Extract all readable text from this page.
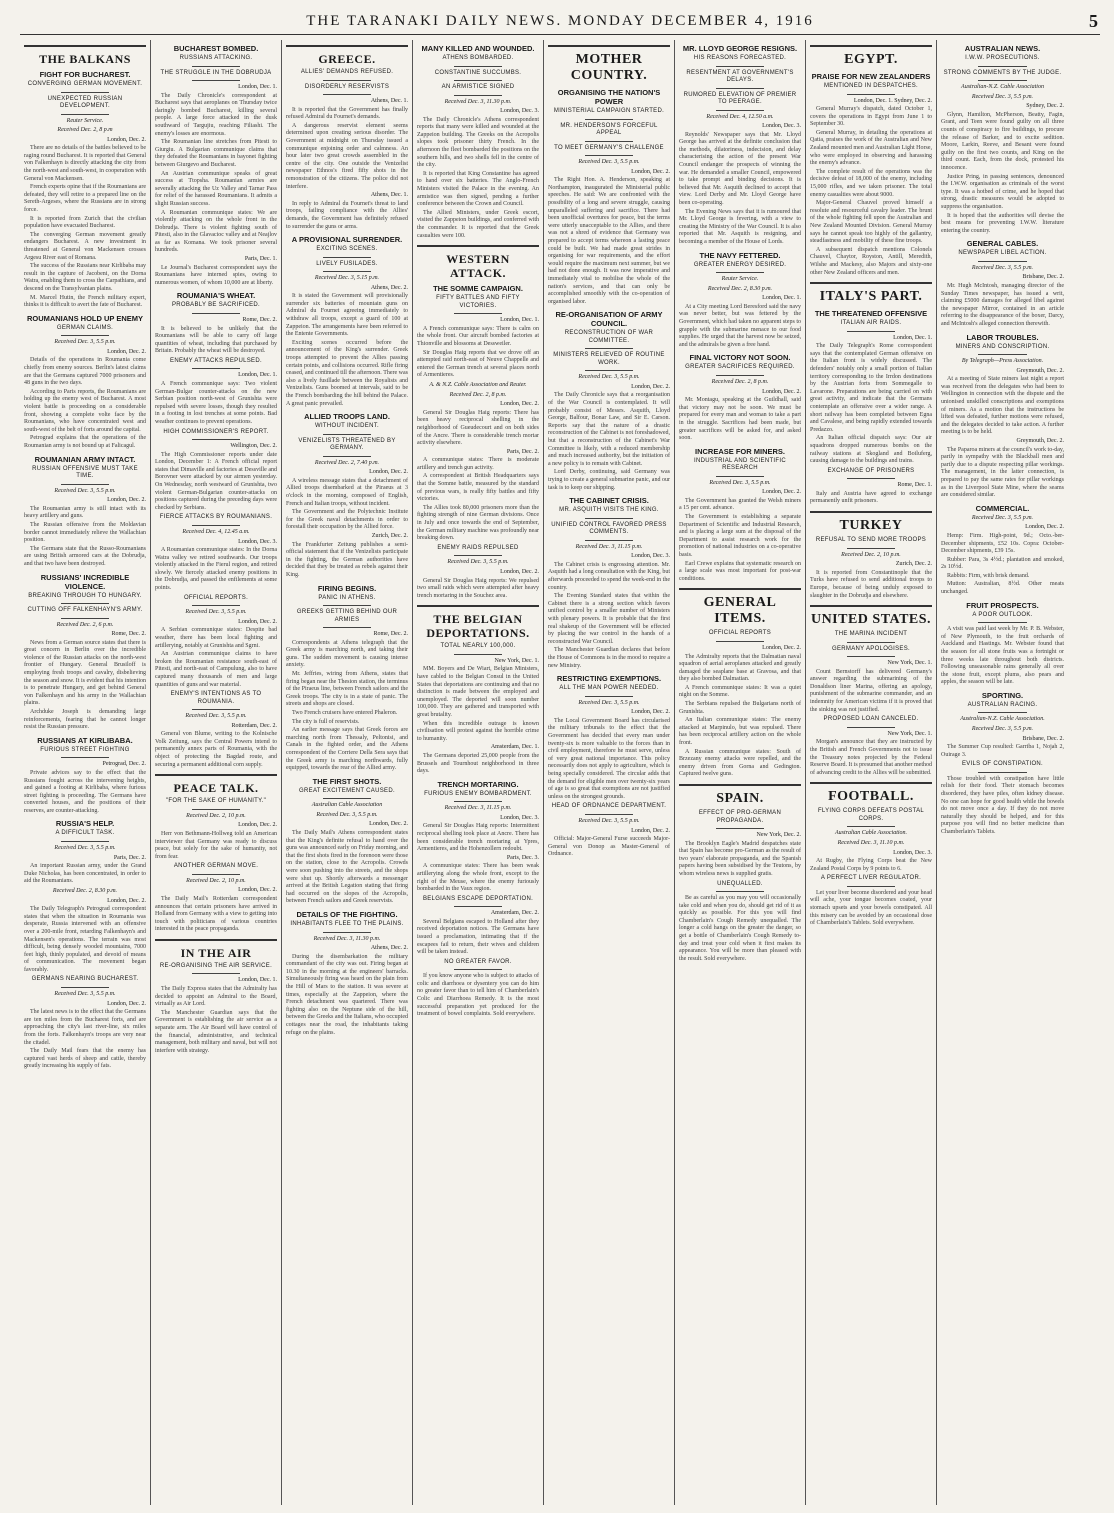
THE TARANAKI DAILY NEWS. MONDAY DECEMBER 4, 1916	5
THE BALKANS
FIGHT FOR BUCHAREST.
CONVERGING GERMAN MOVEMENT.
UNEXPECTED RUSSIAN DEVELOPMENT.
Reuter Service.
Received Dec. 2, 8 p.m
London, Dec. 2.

There are no details of the battles believed to be raging round Bucharest. It is reported that General von Falkenhayn is directly attacking the city from the north-west and south-west, in cooperation with General von Mackensen.

French experts opine that if the Roumanians are defeated, they will retire to a prepared line on the Sereth-Argeses, where the Russians are in strong force.

It is reported from Zurich that the civilian population have evacuated Bucharest.

The converging German movement greatly endangers Bucharest. A new investment in threatened at General von Mackensen crosses Argesu River east of Romana.

The success of the Russians near Kirlibaba may result in the capture of Jacobeni, on the Dorna Watra, enabling them to cross the Carpathians, and descend on the Transylvanian plains.

M. Marcel Hutin, the French military expert, thinks it is difficult to avert the fate of Bucharest.

ROUMANIANS HOLD UP ENEMY
GERMAN CLAIMS.
Received Dec. 3, 5.5 p.m.
London, Dec. 2.

Details of the operations in Roumania come chiefly from enemy sources. Berlin's latest claims are that the Germans captured 7000 prisoners and 48 guns in the two days.

According to Paris reports, the Roumanians are holding up the enemy west of Bucharest. A most violent battle is proceeding on a considerable front, showing a complete volte face by the Roumanians, who have concentrated west and south-west of the belt of forts around the capital.

Petrograd explains that the operations of the Roumanian army is not bound up at Falicagul.

ROUMANIAN ARMY INTACT.
RUSSIAN OFFENSIVE MUST TAKE TIME.
Received Dec. 3, 5.5 p.m.
London, Dec. 2.

The Roumanian army is still intact with its heavy artillery and guns.

The Russian offensive from the Moldavian border cannot immediately relieve the Wallachian position.

The Germans state that the Russo-Roumanians are using British armored cars at the Dobrudja, and that two have been destroyed.

RUSSIANS' INCREDIBLE VIOLENCE.
BREAKING THROUGH TO HUNGARY.
CUTTING OFF FALKENHAYN'S ARMY.
Received Dec. 2, 6 p.m.
Rome, Dec. 2.

News from a German source states that there is great concern in Berlin over the incredible violence of the Russian attacks on the north-west frontier of Hungary. General Brusiloff is employing fresh troops and cavalry, disbelieving the season and snow. It is evident that his intention is to penetrate Hungary, and get behind General von Falkenhayn and his army in the Wallachian plains.

Archduke Joseph is demanding large reinforcements, fearing that he cannot longer resist the Russian pressure.

RUSSIANS AT KIRLIBABA.
FURIOUS STREET FIGHTING
Petrograd, Dec. 2.

Private advices say to the effect that the Russians fought across the intervening heights, and gained a footing at Kirlibaba, where furious street fighting is proceeding. The Germans have converted houses, and the positions of their reserves, are counter-attacking.

RUSSIA'S HELP.
A DIFFICULT TASK.
Received Dec. 3, 5.5 p.m.
Paris, Dec. 2.

An important Russian army, under the Grand Duke Nicholas, has been concentrated, in order to aid the Roumanians.

Received Dec. 2, 8.30 p.m.
London, Dec. 2.

The Daily Telegraph's Petrograd correspondent states that when the situation in Roumania was desperate, Russia intervened with an offensive over a 200-mile front, retarding Falkenhayn's and Mackensen's operations. The terrain was most difficult, being densely wooded mountains, 7000 feet high, thinly populated, and devoid of means of communication. The movement began favorably.

GERMANS NEARING BUCHAREST.
Received Dec. 3, 5.5 p.m.
London, Dec. 2.

The latest news is to the effect that the Germans are ten miles from the Bucharest forts, and are approaching the city's last river-line, six miles from the forts. Falkenhayn's troops are very near the citadel.

The Daily Mail fears that the enemy has captured vast herds of sheep and cattle, thereby greatly increasing his supply of fats.

BUCHAREST BOMBED.
RUSSIANS ATTACKING.
THE STRUGGLE IN THE DOBRUDJA
London, Dec. 1.

The Daily Chronicle's correspondent at Bucharest says that aeroplanes on Thursday twice daringly bombed Bucharest, killing several people. A large force attacked in the dusk southward of Targujiu, reaching Filiashi. The enemy's losses are enormous.

The Roumanian line stretches from Pitesti to Giurgiu. A Bulgarian communique claims that they defeated the Roumanians in bayonet fighting between Giurgevo and Bucharest.

An Austrian communique speaks of great success at Ttopsha. Roumanian armies are severally attacking the Uz Valley and Tarnar Pass for relief of the harassed Roumanians. It admits a slight Russian success.

A Roumanian communique states: We are violently attacking on the whole front in the Dobrudja. There is violent fighting south of Pitesti, also in the Glavacioc valley and at Neajlov as far as Komana. We took prisoner several hundreds.

Paris, Dec. 1.

Le Journal's Bucharest correspondent says the Roumanians have interned spies, owing to numerous women, of whom 10,000 are at liberty.

ROUMANIA'S WHEAT.
PROBABLY BE SACRIFICED.
Rome, Dec. 2.

It is believed to be unlikely that the Roumanians will be able to carry off large quantities of wheat, including that purchased by Britain. Probably the wheat will be destroyed.

ENEMY ATTACKS REPULSED.
London, Dec. 1.

A French communique says: Two violent German-Bulgar counter-attacks on the new Serbian position north-west of Grunishta were repulsed with severe losses, though they resulted in a footing in lost trenches at some points. Bad weather continues to prevent operations.

HIGH COMMISSIONER'S REPORT.
Wellington, Dec. 2.

The High Commissioner reports under date London, December 1: A French official report states that Dimaville and factories at Dessville and Borovner were attacked by our airmen yesterday. On Wednesday, north westward of Grunishta, two violent German-Bulgarian counter-attacks on positions captured during the preceding days were checked by Serbians.

FIERCE ATTACKS BY ROUMANIANS.
Received Dec. 4, 12.45 a.m.
London, Dec. 3.

A Roumanian communique states: In the Dorna Watra valley we retired southwards. Our troops violently attacked in the Fierul region, and retired slowly. We fiercely attacked enemy positions in the Dobrudja, and passed the enfilements at some points.

OFFICIAL REPORTS.
Received Dec. 3, 5.5 p.m.
London, Dec. 2.

A Serbian communique states: Despite bad weather, there has been local fighting and artillerying, notably at Grunishta and Sgrni.

An Austrian communique claims to have broken the Roumanian resistance south-east of Pitesti, and north-east of Campulung, also to have captured many thousands of men and large quantities of guns and war material.

ENEMY'S INTENTIONS AS TO ROUMANIA.
Received Dec. 3, 5.5 p.m.
Rotterdam, Dec. 2.

General von Blume, writing to the Kolnische Volk Zeitung, says the Central Powers intend to permanently annex parts of Roumania, with the object of protecting the Bagdad route, and securing a permanent additional corn supply.

PEACE TALK.
"FOR THE SAKE OF HUMANITY."
Received Dec. 2, 10 p.m.
London, Dec. 2.

Herr von Bethmann-Hollweg told an American interviewer that Germany was ready to discuss peace, but solely for the sake of humanity, not from fear.

ANOTHER GERMAN MOVE.
Received Dec. 2, 10 p.m.
London, Dec. 2.

The Daily Mail's Rotterdam correspondent announces that certain prisoners have arrived in Holland from Germany with a view to getting into touch with politicians of various countries interested in the peace propaganda.

IN THE AIR
RE-ORGANISING THE AIR SERVICE.
London, Dec. 1.

The Daily Express states that the Admiralty has decided to appoint an Admiral to the Board, virtually as Air Lord.

The Manchester Guardian says that the Government is establishing the air service as a separate arm. The Air Board will have control of the financial, administrative, and technical management, both military and naval, but will not interfere with strategy.

GREECE.
ALLIES' DEMANDS REFUSED.
DISORDERLY RESERVISTS
Athens, Dec. 1.

It is reported that the Government has finally refused Admiral du Fournet's demands.

A dangerous reservist element seems determined upon creating serious disorder. The Government at midnight on Thursday issued a communique enjoining order and calmness. An hour later two great crowds assembled in the centre of the city. One outside the Venizelist newspaper Ethnos's fired fifty shots in the remonstration of the citizens. The police did not interfere.

Athens, Dec. 1.

In reply to Admiral du Fournet's threat to land troops, failing compliance with the Allies' demands, the Government has definitely refused to surrender the guns or arms.

A PROVISIONAL SURRENDER.
EXCITING SCENES.
LIVELY FUSILADES.
Received Dec. 3, 5.15 p.m.
Athens, Dec. 2.

It is stated the Government will provisionally surrender six batteries of mountain guns on Admiral du Fournet agreeing immediately to withdraw all troops, except a guard of 100 at Zappeion. The arrangements have been referred to the Entente Governments.

Exciting scenes occurred before the announcement of the King's surrender. Greek troops attempted to prevent the Allies passing certain points, and collisions occurred. Rifle firing ceased, and continued till the afternoon. There was also a lively fusillade between the Royalists and Venizelists. Guns boomed at intervals, said to be the French bombarding the hill behind the Palace. A great panic prevailed.

ALLIED TROOPS LAND.
WITHOUT INCIDENT.
VENIZELISTS THREATENED BY GERMANY.
Received Dec. 2, 7.40 p.m.
London, Dec. 2.

A wireless message states that a detachment of Allied troops disembarked at the Piraeus at 3 o'clock in the morning, composed of English, French and Italian troops, without incident.

The Government and the Polytechnic Institute for the Greek naval detachments in order to forestall their occupation by the Allied force.

Zurich, Dec. 2.

The Frankfurter Zeitung publishes a semi-official statement that if the Venizelists participate in the fighting, the German authorities have decided that they be treated as rebels against their King.

FIRING BEGINS.
PANIC IN ATHENS.
GREEKS GETTING BEHIND OUR ARMIES
Rome, Dec. 2.

Correspondents at Athens telegraph that the Greek army is marching north, and taking their guns. The sudden movement is causing intense anxiety.

Mr. Jeffries, wiring from Athens, states that firing began near the Thesion station, the terminus of the Piraeus line, between French sailors and the Greek troops. The city is in a state of panic. The streets and shops are closed.

Two French cruisers have entered Phaleron.

The city is full of reservists.

An earlier message says that Greek forces are marching north from Thessaly, Peltonisi, and Canals in the fighted order, and the Athens correspondent of the Corriere Della Sera says that the Greek army is marching northwards, fully equipped, towards the rear of the Allied army.

THE FIRST SHOTS.
GREAT EXCITEMENT CAUSED.
Australian Cable Association
Received Dec. 3, 5.5 p.m.
London, Dec. 2.

The Daily Mail's Athens correspondent states that the King's definite refusal to hand over the guns was announced early on Friday morning, and that the first shots fired in the forenoon were those on the station, close to the Acropolis. Crowds were soon pushing into the streets, and the shops were shut up. Shortly afterwards a messenger arrived at the British Legation stating that firing had occurred on the slopes of the Acropolis, between French sailors and Greek reservists.

DETAILS OF THE FIGHTING.
INHABITANTS FLEE TO THE PLAINS.
Received Dec. 3, 11.30 p.m.
Athens, Dec. 2.

During the disembarkation the military commandant of the city was out. Firing began at 10.30 in the morning at the engineers' barracks. Simultaneously firing was heard on the plain from the Hill of Mars to the station. It was severe at times, especially at the Zappeion, where the French detachment was quartered. There was fighting also on the Neptune side of the hill, between the Greeks and the Italians, who occupied cottages near the road, the inhabitants taking refuge on the plains.

MANY KILLED AND WOUNDED.
ATHENS BOMBARDED.
CONSTANTINE SUCCUMBS.
AN ARMISTICE SIGNED
Received Dec. 3, 11.30 p.m.
London, Dec. 3.

The Daily Chronicle's Athens correspondent reports that many were killed and wounded at the Zappeion building. The Greeks on the Acropolis slopes took prisoner thirty French. In the afternoon the fleet bombarded the positions on the southern hills, and two shells fell in the centre of the city.

It is reported that King Constantine has agreed to hand over six batteries. The Anglo-French Ministers visited the Palace in the evening. An armistice was then signed, pending a further conference between the Crown and Council.

The Allied Ministers, under Greek escort, visited the Zappeion buildings, and conferred with the commander. It is reported that the Greek casualties were 100.

WESTERN ATTACK.
THE SOMME CAMPAIGN.
FIFTY BATTLES AND FIFTY VICTORIES.
London, Dec. 1.

A French communique says: There is calm on the whole front. Our aircraft bombed factories at Thionville and blossoms at Dessweiler.

Sir Douglas Haig reports that we drove off an attempted raid north-east of Neuve Chappelle and entered the German trench at several places north of Armentieres.

A. & N.Z. Cable Association and Reuter.
Received Dec. 2, 8 p.m.
London, Dec. 2.

General Sir Douglas Haig reports: There has been heavy reciprocal shelling in the neighborhood of Gueudecourt and on both sides of the Ancre. There is considerable trench mortar activity elsewhere.

Paris, Dec. 2.

A communique states: There is moderate artillery and trench gun activity.

A correspondent at British Headquarters says that the Somme battle, measured by the standard of previous wars, is really fifty battles and fifty victories.

The Allies took 80,000 prisoners more than the fighting strength of nine German divisions. Once in July and once towards the end of September, the German military machine was profoundly near breaking down.

ENEMY RAIDS REPULSED
Received Dec. 3, 5.5 p.m.
London, Dec. 2.

General Sir Douglas Haig reports: We repulsed two small raids which were attempted after heavy trench mortaring in the Souchez area.

THE BELGIAN DEPORTATIONS.
TOTAL NEARLY 100,000.
New York, Dec. 1.

MM. Boyers and De Wiart, Belgian Ministers, have cabled to the Belgian Consul in the United States that deportations are continuing and that no distinction is made between the employed and unemployed. The deported will soon number 100,000. They are gathered and transported with great brutality.

When this incredible outrage is known civilisation will protest against the horrible crime to humanity.

Amsterdam, Dec. 1.

The Germans deported 25,000 people from the Brussels and Tournhout neighborhood in three days.

TRENCH MORTARING.
FURIOUS ENEMY BOMBARDMENT.
Received Dec. 3, 11.15 p.m.
London, Dec. 3.

General Sir Douglas Haig reports: Intermittent reciprocal shelling took place at Ancre. There has been considerable trench mortaring at Ypres, Armentieres, and the Hohenzollern redoubt.

Paris, Dec. 3.

A communique states: There has been weak artillerying along the whole front, except to the right of the Meuse, where the enemy furiously bombarded in the Vaux region.

BELGIANS ESCAPE DEPORTATION.
Amsterdam, Dec. 2.

Several Belgians escaped to Holland after they received deportation notices. The Germans have issued a proclamation, intimating that if the escapees fail to return, their wives and children will be taken instead.

NO GREATER FAVOR.

If you know anyone who is subject to attacks of colic and diarrhoea or dysentery you can do him no greater favor than to tell him of Chamberlain's Colic and Diarrhoea Remedy. It is the most successful preparation yet produced for the treatment of bowel complaints. Sold everywhere.

MOTHER COUNTRY.
ORGANISING THE NATION'S POWER
MINISTERIAL CAMPAIGN STARTED.
MR. HENDERSON'S FORCEFUL APPEAL
TO MEET GERMANY'S CHALLENGE
Received Dec. 3, 5.5 p.m.
London, Dec. 2.

The Right Hon. A. Henderson, speaking at Northampton, inaugurated the Ministerial public speeches. He said: We are confronted with the possibility of a long and severe struggle, causing unparalleled suffering and sacrifice. There had been unofficial overtures for peace, but the terms were utterly unacceptable to the Allies, and there was not a shred of evidence that Germany was prepared to accept terms whereon a lasting peace could be built. We had made great strides in organising for war requirements, and the effort would require the maximum next summer, but we had not done enough. It was now imperative and immediately vital to mobilise the whole of the nation's services, and that can only be accomplished smoothly with the co-operation of organised labor.

RE-ORGANISATION OF ARMY COUNCIL.
RECONSTRUCTION OF WAR COMMITTEE.
MINISTERS RELIEVED OF ROUTINE WORK.
Received Dec. 3, 5.5 p.m.
London, Dec. 2.

The Daily Chronicle says that a reorganisation of the War Council is contemplated. It will probably consist of Messrs. Asquith, Lloyd George, Balfour, Bonar Law, and Sir E. Carson. Reports say that the nature of a drastic reconstruction of the Cabinet is not foreshadowed, but that a reconstruction of the Cabinet's War Committee is likely, with a reduced membership and much increased authority, but the initiation of a new policy is to remain with Cabinet.

Lord Derby, continuing, said Germany was trying to create a general submarine panic, and our task is to keep our shipping.

THE CABINET CRISIS.
MR. ASQUITH VISITS THE KING.
UNIFIED CONTROL FAVORED PRESS COMMENTS.
Received Dec. 3, 11.15 p.m.
London, Dec. 3.

The Cabinet crisis is engrossing attention. Mr. Asquith had a long consultation with the King, but afterwards proceeded to spend the week-end in the country.

The Evening Standard states that within the Cabinet there is a strong section which favors unified control by a smaller number of Ministers with plenary powers. It is probable that the first real shakeup of the Government will be effected by placing the war control in the hands of a reconstructed War Council.

The Manchester Guardian declares that before the House of Commons is in the mood to require a new Ministry.

RESTRICTING EXEMPTIONS.
ALL THE MAN POWER NEEDED.
Received Dec. 3, 5.5 p.m.
London, Dec. 2.

The Local Government Board has circularised the military tribunals to the effect that the Government has decided that every man under twenty-six is more valuable to the forces than in civil employment, therefore he must serve, unless of very great national importance. This policy necessarily does not apply to agriculture, which is being specially considered. The circular adds that the demand for eligible men over twenty-six years of age is so great that exemptions are not justified unless on the strongest grounds.

HEAD OF ORDNANCE DEPARTMENT.
Received Dec. 3, 5.5 p.m.
London, Dec. 2.

Official: Major-General Furse succeeds Major-General von Donop as Master-General of Ordnance.

MR. LLOYD GEORGE RESIGNS.
HIS REASONS FORECASTED.
RESENTMENT AT GOVERNMENT'S DELAYS.
RUMORED ELEVATION OF PREMIER TO PEERAGE.
Received Dec. 4, 12.50 a.m.
London, Dec. 3.

Reynolds' Newspaper says that Mr. Lloyd George has arrived at the definite conclusion that the methods, dilatoriness, indecision, and delay characterising the action of the present War Council endanger the prospects of winning the war. He demanded a smaller Council, empowered to take prompt and binding decisions. It is believed that Mr. Asquith declined to accept that view. Lord Derby and Mr. Lloyd George have been co-operating.

The Evening News says that it is rumoured that Mr. Lloyd George is fevering, with a view to creating the Ministry of the War Council. It is also reported that Mr. Asquith is resigning, and becoming a member of the House of Lords.

THE NAVY FETTERED.
GREATER ENERGY DESIRED.
Reuter Service.
Received Dec. 2, 8.30 p.m.
London, Dec. 1.

At a City meeting Lord Beresford said the navy was never better, but was fettered by the Government, which had taken no apparent steps to grapple with the submarine menace to our food supplies. He urged that the harvest now be seized, and the admirals be given a free hand.

FINAL VICTORY NOT SOON.
GREATER SACRIFICES REQUIRED.
Received Dec. 2, 8 p.m.
London, Dec. 2.

Mr. Montagu, speaking at the Guildhall, said that victory may not be soon. We must be prepared for every man and woman to take a part in the struggle. Sacrifices had been made, but greater sacrifices will be asked for, and asked soon.

INCREASE FOR MINERS.
INDUSTRIAL AND SCIENTIFIC RESEARCH
Received Dec. 3, 5.5 p.m.
London, Dec. 2.

The Government has granted the Welsh miners a 15 per cent. advance.

The Government is establishing a separate Department of Scientific and Industrial Research, and is placing a large sum at the disposal of the Department to assist research work for the promotion of national industries on a co-operative basis.

Earl Crewe explains that systematic research on a large scale was most important for post-war conditions.

GENERAL ITEMS.
OFFICIAL REPORTS
London, Dec. 2.

The Admiralty reports that the Dalmatian naval squadron of aerial aeroplanes attacked and greatly damaged the seaplane base at Gravosa, and that they also bombed Dalmatian.

A French communique states: It was a quiet night on the Somme.

The Serbians repulsed the Bulgarians north of Grunishta.

An Italian communique states: The enemy attacked at Marpinulo, but was repulsed. There has been reciprocal artillery action on the whole front.

A Russian communique states: South of Brzezany enemy attacks were repelled, and the enemy driven from Gorna and Gedington. Captured twelve guns.

SPAIN.
EFFECT OF PRO-GERMAN PROPAGANDA.
New York, Dec. 2.

The Brooklyn Eagle's Madrid despatches state that Spain has become pro-German as the result of two years' elaborate propaganda, and the Spanish papers having been subsidised by the Teutons, by whom wireless news is supplied gratis.

UNEQUALLED.

Be as careful as you may you will occasionally take cold and when you do, should get rid of it as quickly as possible. For this you will find Chamberlain's Cough Remedy unequalled. The longer a cold hangs on the greater the danger, so get a bottle of Chamberlain's Cough Remedy to-day and treat your cold when it first makes its appearance. You will be more than pleased with the result. Sold everywhere.

EGYPT.
PRAISE FOR NEW ZEALANDERS
MENTIONED IN DESPATCHES.
London, Dec. 1. Sydney, Dec. 2.

General Murray's dispatch, dated October 1, covers the operations in Egypt from June 1 to September 30.

General Murray, in detailing the operations at Qatia, praises the work of the Australian and New Zealand mounted men and Australian Light Horse, who were employed in observing and harassing the enemy's advance.

The complete result of the operations was the decisive defeat of 18,000 of the enemy, including 15,000 rifles, and we taken prisoner. The total enemy casualties were about 9000.

Major-General Chauvel proved himself a resolute and resourceful cavalry leader. The brunt of the whole fighting fell upon the Australian and New Zealand Mounted Division. General Murray says he cannot speak too highly of the gallantry, steadfastness and mobility of these fine troops.

A subsequent dispatch mentions Colonels Chauvel, Chaytor, Royston, Antill, Meredith, Wilshe and Mackesy, also Majors and sixty-one other New Zealand officers and men.

ITALY'S PART.
THE THREATENED OFFENSIVE
ITALIAN AIR RAIDS.
London, Dec. 1.

The Daily Telegraph's Rome correspondent says that the contemplated German offensive on the Italian front is widely discussed. The defenders' notably only a small portion of Italian territory corresponding to the Irrdon destinations by the Austrian forts from Sommegalle to Lavarone. Preparations are being carried on with great activity, and indicate that the Germans contemplate an offensive over a wider range. A short railway has been completed between Egna and Cavalese, and being rapidly extended towards Predazzo.

An Italian official dispatch says: Our air squadrons dropped numerous bombs on the railway stations at Skogland and Boiluferg, causing damage to the buildings and trains.

EXCHANGE OF PRISONERS
Rome, Dec. 1.

Italy and Austria have agreed to exchange permanently unfit prisoners.

TURKEY
REFUSAL TO SEND MORE TROOPS
Received Dec. 2, 10 p.m.
Zurich, Dec. 2.

It is reported from Constantinople that the Turks have refused to send additional troops to Europe, because of being unduly exposed to slaughter in the Dobrudja and elsewhere.

UNITED STATES.
THE MARINA INCIDENT
GERMANY APOLOGISES.
New York, Dec. 1.

Count Bernstorff has delivered Germany's answer regarding the submarining of the Donaldson liner Marina, offering an apology, punishment of the submarine commander, and an indemnity for American victims if it is proved that the sinking was not justified.

PROPOSED LOAN CANCELED.
New York, Dec. 1.

Morgan's announce that they are instructed by the British and French Governments not to issue the Treasury notes projected by the Federal Reserve Board. It is presumed that another method of advancing credit to the Allies will be submitted.

FOOTBALL.
FLYING CORPS DEFEATS POSTAL CORPS.
Australian Cable Association.
Received Dec. 3, 11.10 p.m.
London, Dec. 3.

At Rugby, the Flying Corps beat the New Zealand Postal Corps by 9 points to 6.

A PERFECT LIVER REGULATOR.

Let your liver become disordered and your head will ache, your tongue becomes coated, your stomach upsets and your bowels constipated. All this misery can be avoided by an occasional dose of Chamberlain's Tablets. Sold everywhere.

AUSTRALIAN NEWS.
I.W.W. PROSECUTIONS.
STRONG COMMENTS BY THE JUDGE.
Australian-N.Z. Cable Association
Received Dec. 3, 5.5 p.m.
Sydney, Dec. 2.

Glynn, Hamilton, McPherson, Beatty, Fagin, Grant, and Teen were found guilty on all three counts of conspiracy to fire buildings, to procure the release of Barker, and to excite sedition. Moore, Larkin, Reeve, and Besant were found guilty on the first two counts, and King on the third count. Each, from the dock, protested his innocence.

Justice Pring, in passing sentences, denounced the I.W.W. organisation as criminals of the worst type. It was a hotbed of crime, and he hoped that strong, drastic measures would be adopted to suppress the organisation.

It is hoped that the authorities will devise the best means for preventing I.W.W. literature entering the country.

GENERAL CABLES.
NEWSPAPER LIBEL ACTION.
Received Dec. 3, 5.5 p.m.
Brisbane, Dec. 2.

Mr. Hugh McIntosh, managing director of the Sunday Times newspaper, has issued a writ, claiming £5000 damages for alleged libel against the newspaper Mirror, contained in an article referring to the disappearance of the boxer, Darcy, and McIntosh's alleged connection therewith.

LABOR TROUBLES.
MINERS AND CONSCRIPTION.
By Telegraph—Press Association.
Greymouth, Dec. 2.

At a meeting of State miners last night a report was received from the delegates who had been to Wellington in connection with the dispute and the unionised unskilled conscriptions and exemptions of miners. As a motion that the instructions be lifted was defeated, further motions were refused, and the delegates decided to take action. A further meeting is to be held.

Greymouth, Dec. 2.

The Paparoa miners at the council's work to-day, partly in sympathy with the Blackball men and partly due to a dispute respecting pillar workings. The management, in the latter connection, is prepared to pay the same rates for pillar workings as in the Liverpool State Mine, where the seams are considered similar.

COMMERCIAL.
Received Dec. 3, 5.5 p.m.
London, Dec. 2.

Hemp: Firm. High-point, 9d.; Octo.-ber-December shipments, £52 10s. Copra: October-December shipments, £39 15s.

Rubber: Para, 3s 4½d.; plantation and smoked, 2s 10½d.

Rabbits: Firm, with brisk demand.

Mutton: Australian, 8½d. Other meats unchanged.

FRUIT PROSPECTS.
A POOR OUTLOOK.

A visit was paid last week by Mr. P. B. Webster, of New Plymouth, to the fruit orchards of Auckland and Hastings. Mr. Webster found that the season for all stone fruits was a fortnight or three weeks late throughout both districts. Following unseasonable rains generally all over the stone fruit, except plums, also pears and apples, the season will be late.

SPORTING.
AUSTRALIAN RACING.
Australian-N.Z. Cable Association.
Received Dec. 3, 5.5 p.m.
Brisbane, Dec. 2.

The Summer Cup resulted: Garriba 1, Nojah 2, Ouirage 3.

EVILS OF CONSTIPATION.

Those troubled with constipation have little relish for their food. Their stomach becomes disordered, they have piles, often kidney disease. No one can hope for good health while the bowels do not move once a day. If they do not move naturally they should be helped, and for this purpose you will find no better medicine than Chamberlain's Tablets.
